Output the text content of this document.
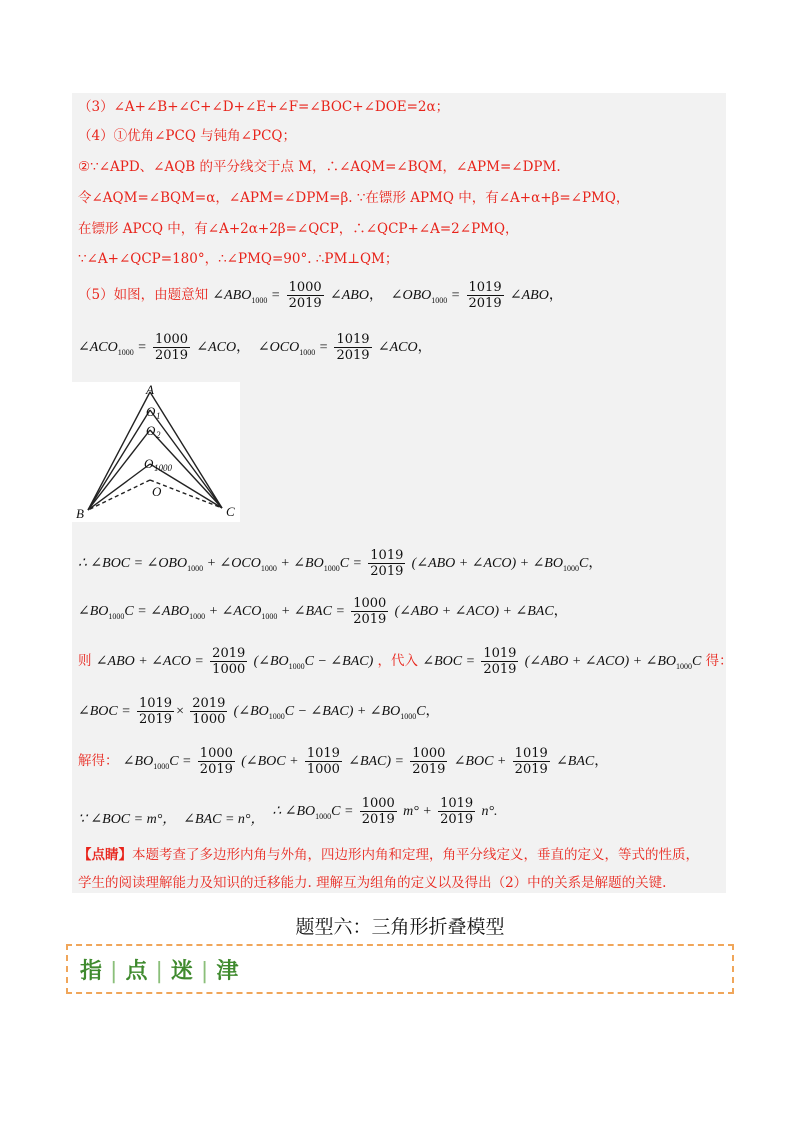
（3）∠A+∠B+∠C+∠D+∠E+∠F=∠BOC+∠DOE=2α；
（4）①优角∠PCQ 与钝角∠PCQ；
②∵∠APD、∠AQB 的平分线交于点 M，∴∠AQM=∠BQM，∠APM=∠DPM.
令∠AQM=∠BQM=α，∠APM=∠DPM=β. ∵在镖形 APMQ 中，有∠A+α+β=∠PMQ，
在镖形 APCQ 中，有∠A+2α+2β=∠QCP，∴∠QCP+∠A=2∠PMQ，
∵∠A+∠QCP=180°，∴∠PMQ=90°. ∴PM⊥QM；
（5）如图，由题意知 $\angle ABO_{1000} = \frac{1000}{2019}$ ∠ABO，  $\angle OBO_{1000} = \frac{1019}{2019}$ ∠ABO，
$\angle ACO_{1000} = \frac{1000}{2019}$ ∠ACO，  $\angle OCO_{1000} = \frac{1019}{2019}$ ∠ACO，
A
B	C
O
O
O
O
1
2
1000
∴ ∠BOC = $\angle OBO_{1000}$ + $\angle OCO_{1000}$ + $\angle BO_{1000}C = \frac{1019}{2019}$ (∠ABO + ∠ACO) + $\angle BO_{1000}C$，
$\angle BO_{1000}C$ = $\angle ABO_{1000}$ + $\angle ACO_{1000}$ + ∠BAC = $\frac{1000}{2019}$ (∠ABO + ∠ACO) + ∠BAC，
则 ∠ABO + ∠ACO = $\frac{2019}{1000}$ ($\angle BO_{1000}C$ − ∠BAC) ，代入 ∠BOC = $\frac{1019}{2019}$ (∠ABO + ∠ACO) + $\angle BO_{1000}C$ 得：
∠BOC = $\frac{1019}{2019} \times \frac{2019}{1000}$ ($\angle BO_{1000}C$ − ∠BAC) + $\angle BO_{1000}C$，
解得： $\angle BO_{1000}C = \frac{1000}{2019}$ (∠BOC + $\frac{1019}{1000}$ ∠BAC) = $\frac{1000}{2019}$ ∠BOC + $\frac{1019}{2019}$ ∠BAC，
∵ ∠BOC = m°，  ∠BAC = n°，  ∴ $\angle BO_{1000}C = \frac{1000}{2019} m^\circ + \frac{1019}{2019} n^\circ$.
【点睛】本题考查了多边形内角与外角，四边形内角和定理，角平分线定义，垂直的定义，等式的性质，
学生的阅读理解能力及知识的迁移能力. 理解互为组角的定义以及得出（2）中的关系是解题的关键.
题型六：三角形折叠模型
指 | 点 | 迷 | 津
